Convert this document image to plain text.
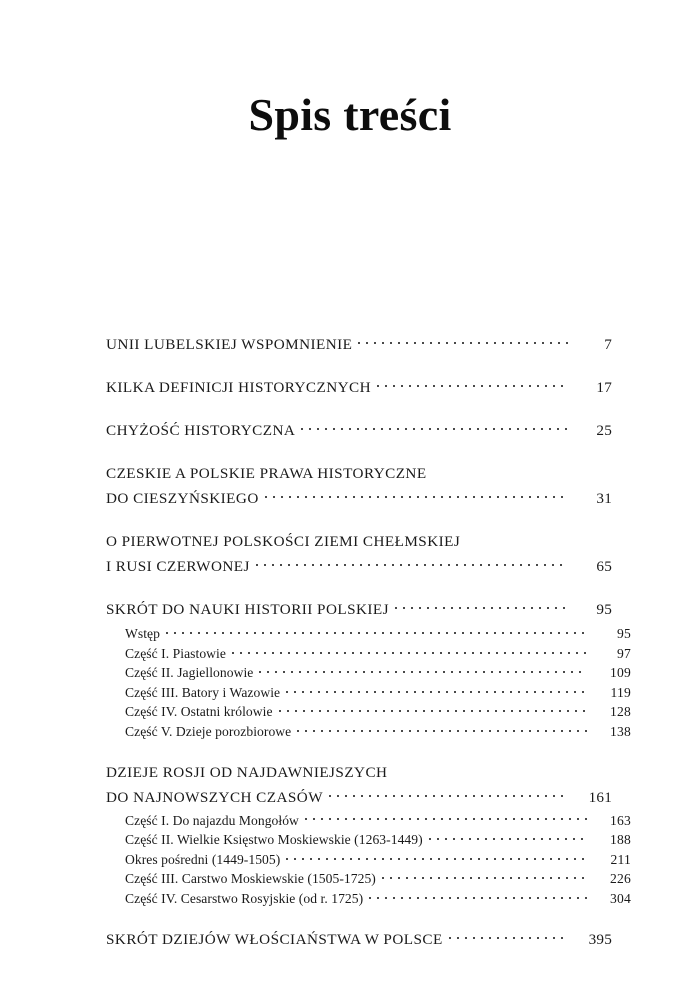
Spis treści
UNII LUBELSKIEJ WSPOMNIENIE	7
KILKA DEFINICJI HISTORYCZNYCH	17
CHYŻOŚĆ HISTORYCZNA	25
CZESKIE A POLSKIE PRAWA HISTORYCZNE
DO CIESZYŃSKIEGO	31
O PIERWOTNEJ POLSKOŚCI ZIEMI CHEŁMSKIEJ
I RUSI CZERWONEJ	65
SKRÓT DO NAUKI HISTORII POLSKIEJ	95
Wstęp	95
Część I. Piastowie	97
Część II. Jagiellonowie	109
Część III. Batory i Wazowie	119
Część IV. Ostatni królowie	128
Część V. Dzieje porozbiorowe	138
DZIEJE ROSJI OD NAJDAWNIEJSZYCH
DO NAJNOWSZYCH CZASÓW	161
Część I. Do najazdu Mongołów	163
Część II. Wielkie Księstwo Moskiewskie (1263-1449)	188
Okres pośredni (1449-1505)	211
Część III. Carstwo Moskiewskie (1505-1725)	226
Część IV. Cesarstwo Rosyjskie (od r. 1725)	304
SKRÓT DZIEJÓW WŁOŚCIAŃSTWA W POLSCE	395
